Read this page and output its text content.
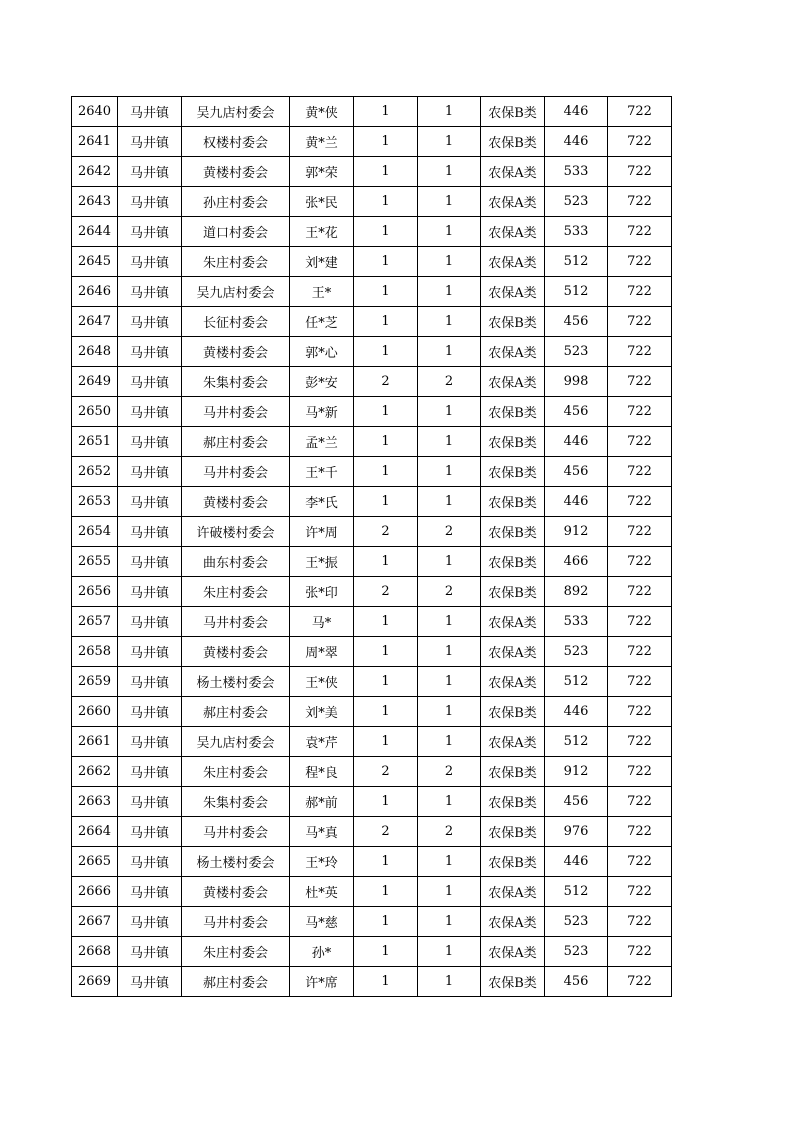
2640	马井镇	吴九店村委会	黄*侠	1	1	农保B类	446	722
2641	马井镇	权楼村委会	黄*兰	1	1	农保B类	446	722
2642	马井镇	黄楼村委会	郭*荣	1	1	农保A类	533	722
2643	马井镇	孙庄村委会	张*民	1	1	农保A类	523	722
2644	马井镇	道口村委会	王*花	1	1	农保A类	533	722
2645	马井镇	朱庄村委会	刘*建	1	1	农保A类	512	722
2646	马井镇	吴九店村委会	王*	1	1	农保A类	512	722
2647	马井镇	长征村委会	任*芝	1	1	农保B类	456	722
2648	马井镇	黄楼村委会	郭*心	1	1	农保A类	523	722
2649	马井镇	朱集村委会	彭*安	2	2	农保A类	998	722
2650	马井镇	马井村委会	马*新	1	1	农保B类	456	722
2651	马井镇	郝庄村委会	孟*兰	1	1	农保B类	446	722
2652	马井镇	马井村委会	王*千	1	1	农保B类	456	722
2653	马井镇	黄楼村委会	李*氏	1	1	农保B类	446	722
2654	马井镇	许破楼村委会	许*周	2	2	农保B类	912	722
2655	马井镇	曲东村委会	王*振	1	1	农保B类	466	722
2656	马井镇	朱庄村委会	张*印	2	2	农保B类	892	722
2657	马井镇	马井村委会	马*	1	1	农保A类	533	722
2658	马井镇	黄楼村委会	周*翠	1	1	农保A类	523	722
2659	马井镇	杨土楼村委会	王*侠	1	1	农保A类	512	722
2660	马井镇	郝庄村委会	刘*美	1	1	农保B类	446	722
2661	马井镇	吴九店村委会	袁*芹	1	1	农保A类	512	722
2662	马井镇	朱庄村委会	程*良	2	2	农保B类	912	722
2663	马井镇	朱集村委会	郝*前	1	1	农保B类	456	722
2664	马井镇	马井村委会	马*真	2	2	农保B类	976	722
2665	马井镇	杨土楼村委会	王*玲	1	1	农保B类	446	722
2666	马井镇	黄楼村委会	杜*英	1	1	农保A类	512	722
2667	马井镇	马井村委会	马*慈	1	1	农保A类	523	722
2668	马井镇	朱庄村委会	孙*	1	1	农保A类	523	722
2669	马井镇	郝庄村委会	许*席	1	1	农保B类	456	722
